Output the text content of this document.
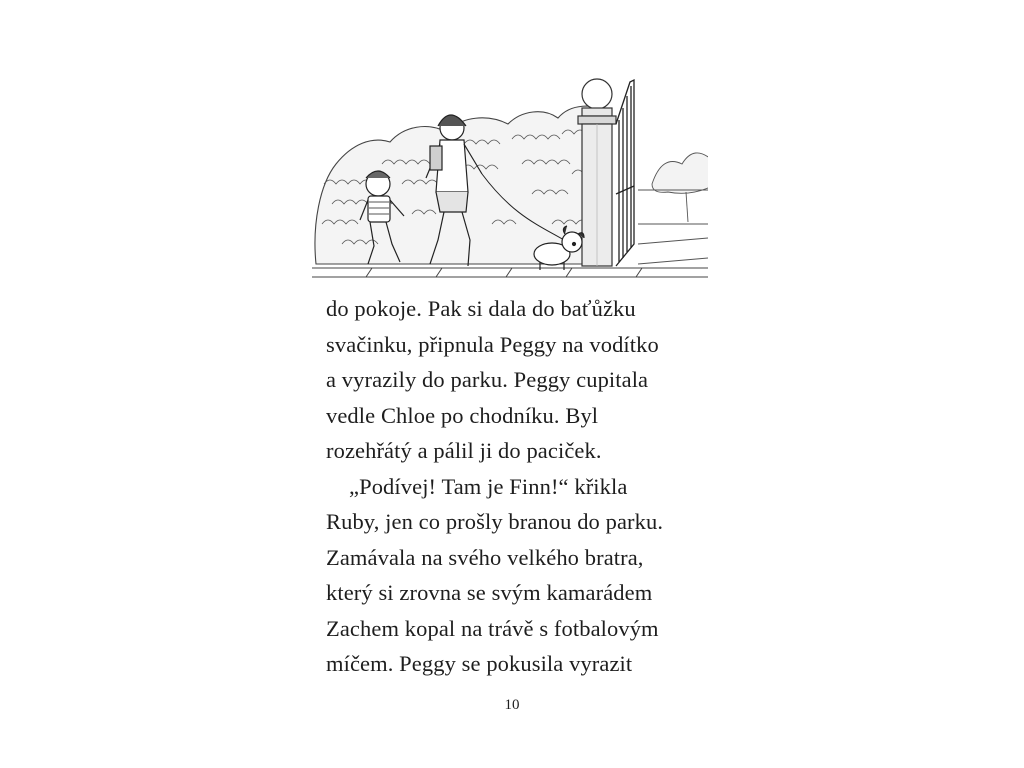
do pokoje. Pak si dala do baťůžku
svačinku, připnula Peggy na vodítko
a vyrazily do parku. Peggy cupitala
vedle Chloe po chodníku. Byl
rozehřátý a pálil ji do paciček.
„Podívej! Tam je Finn!“ křikla
Ruby, jen co prošly branou do parku.
Zamávala na svého velkého bratra,
který si zrovna se svým kamarádem
Zachem kopal na trávě s fotbalovým
míčem. Peggy se pokusila vyrazit
10
